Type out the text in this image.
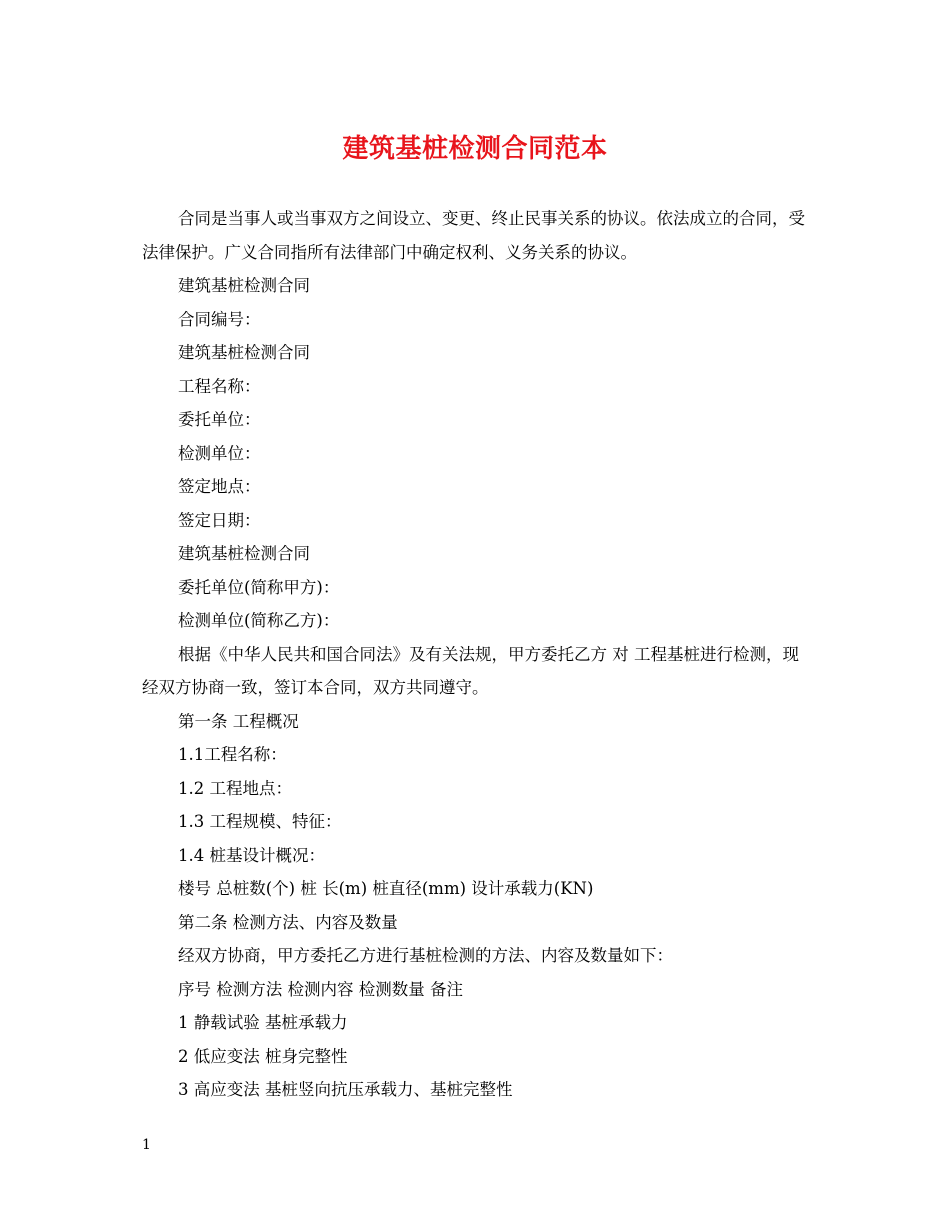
建筑基桩检测合同范本

合同是当事人或当事双方之间设立、变更、终止民事关系的协议。依法成立的合同，受法律保护。广义合同指所有法律部门中确定权利、义务关系的协议。

建筑基桩检测合同

合同编号：

建筑基桩检测合同

工程名称：

委托单位：

检测单位：

签定地点：

签定日期：

建筑基桩检测合同

委托单位(简称甲方)：

检测单位(简称乙方)：

根据《中华人民共和国合同法》及有关法规，甲方委托乙方 对 工程基桩进行检测，现经双方协商一致，签订本合同，双方共同遵守。

第一条 工程概况

1.1工程名称：

1.2 工程地点：

1.3 工程规模、特征：

1.4 桩基设计概况：

楼号 总桩数(个) 桩 长(m) 桩直径(mm) 设计承载力(KN)

第二条 检测方法、内容及数量

经双方协商，甲方委托乙方进行基桩检测的方法、内容及数量如下：

序号 检测方法 检测内容 检测数量 备注

1 静载试验 基桩承载力

2 低应变法 桩身完整性

3 高应变法 基桩竖向抗压承载力、基桩完整性

1
